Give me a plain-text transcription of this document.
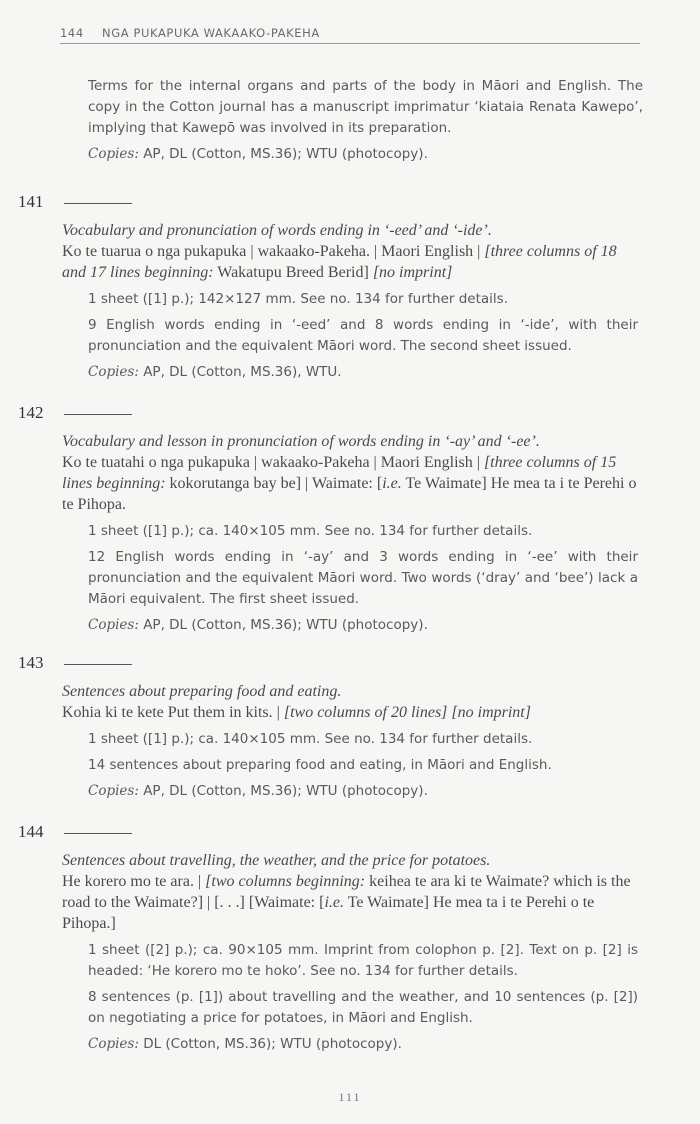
144 NGA PUKAPUKA WAKAAKO-PAKEHA

Terms for the internal organs and parts of the body in Māori and English. The copy in the Cotton journal has a manuscript imprimatur ‘kiataia Renata Kawepo’, implying that Kawepō was involved in its preparation.

Copies: AP, DL (Cotton, MS.36); WTU (photocopy).

141
Vocabulary and pronunciation of words ending in ‘-eed’ and ‘-ide’.
Ko te tuarua o nga pukapuka | wakaako-Pakeha. | Maori English | [three columns of 18 and 17 lines beginning: Wakatupu Breed Berid] [no imprint]

1 sheet ([1] p.); 142×127 mm. See no. 134 for further details.

9 English words ending in ‘-eed’ and 8 words ending in ‘-ide’, with their pronunciation and the equivalent Māori word. The second sheet issued.

Copies: AP, DL (Cotton, MS.36), WTU.

142
Vocabulary and lesson in pronunciation of words ending in ‘-ay’ and ‘-ee’.
Ko te tuatahi o nga pukapuka | wakaako-Pakeha | Maori English | [three columns of 15 lines beginning: kokorutanga bay be] | Waimate: [i.e. Te Waimate] He mea ta i te Perehi o te Pihopa.

1 sheet ([1] p.); ca. 140×105 mm. See no. 134 for further details.

12 English words ending in ‘-ay’ and 3 words ending in ‘-ee’ with their pronunciation and the equivalent Māori word. Two words (‘dray’ and ‘bee’) lack a Māori equivalent. The first sheet issued.

Copies: AP, DL (Cotton, MS.36); WTU (photocopy).

143
Sentences about preparing food and eating.
Kohia ki te kete Put them in kits. | [two columns of 20 lines] [no imprint]

1 sheet ([1] p.); ca. 140×105 mm. See no. 134 for further details.

14 sentences about preparing food and eating, in Māori and English.

Copies: AP, DL (Cotton, MS.36); WTU (photocopy).

144
Sentences about travelling, the weather, and the price for potatoes.
He korero mo te ara. | [two columns beginning: keihea te ara ki te Waimate? which is the road to the Waimate?] | [. . .] [Waimate: [i.e. Te Waimate] He mea ta i te Perehi o te Pihopa.]

1 sheet ([2] p.); ca. 90×105 mm. Imprint from colophon p. [2]. Text on p. [2] is headed: ‘He korero mo te hoko’. See no. 134 for further details.

8 sentences (p. [1]) about travelling and the weather, and 10 sentences (p. [2]) on negotiating a price for potatoes, in Māori and English.

Copies: DL (Cotton, MS.36); WTU (photocopy).

111
